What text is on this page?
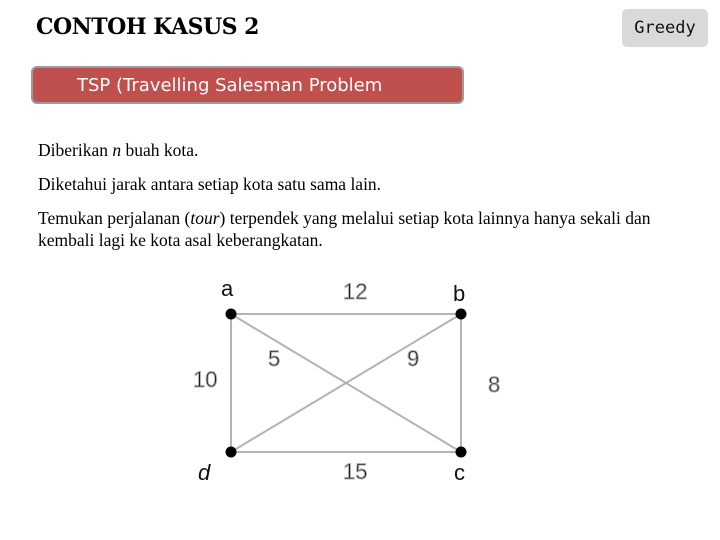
CONTOH KASUS 2	Greedy
TSP (Travelling Salesman Problem

Diberikan n buah kota.

Diketahui jarak antara setiap kota satu sama lain.

Temukan perjalanan (tour) terpendek yang melalui setiap kota lainnya hanya sekali dan kembali lagi ke kota asal keberangkatan.

a	b
c
d
12
15
10	8
5	9
